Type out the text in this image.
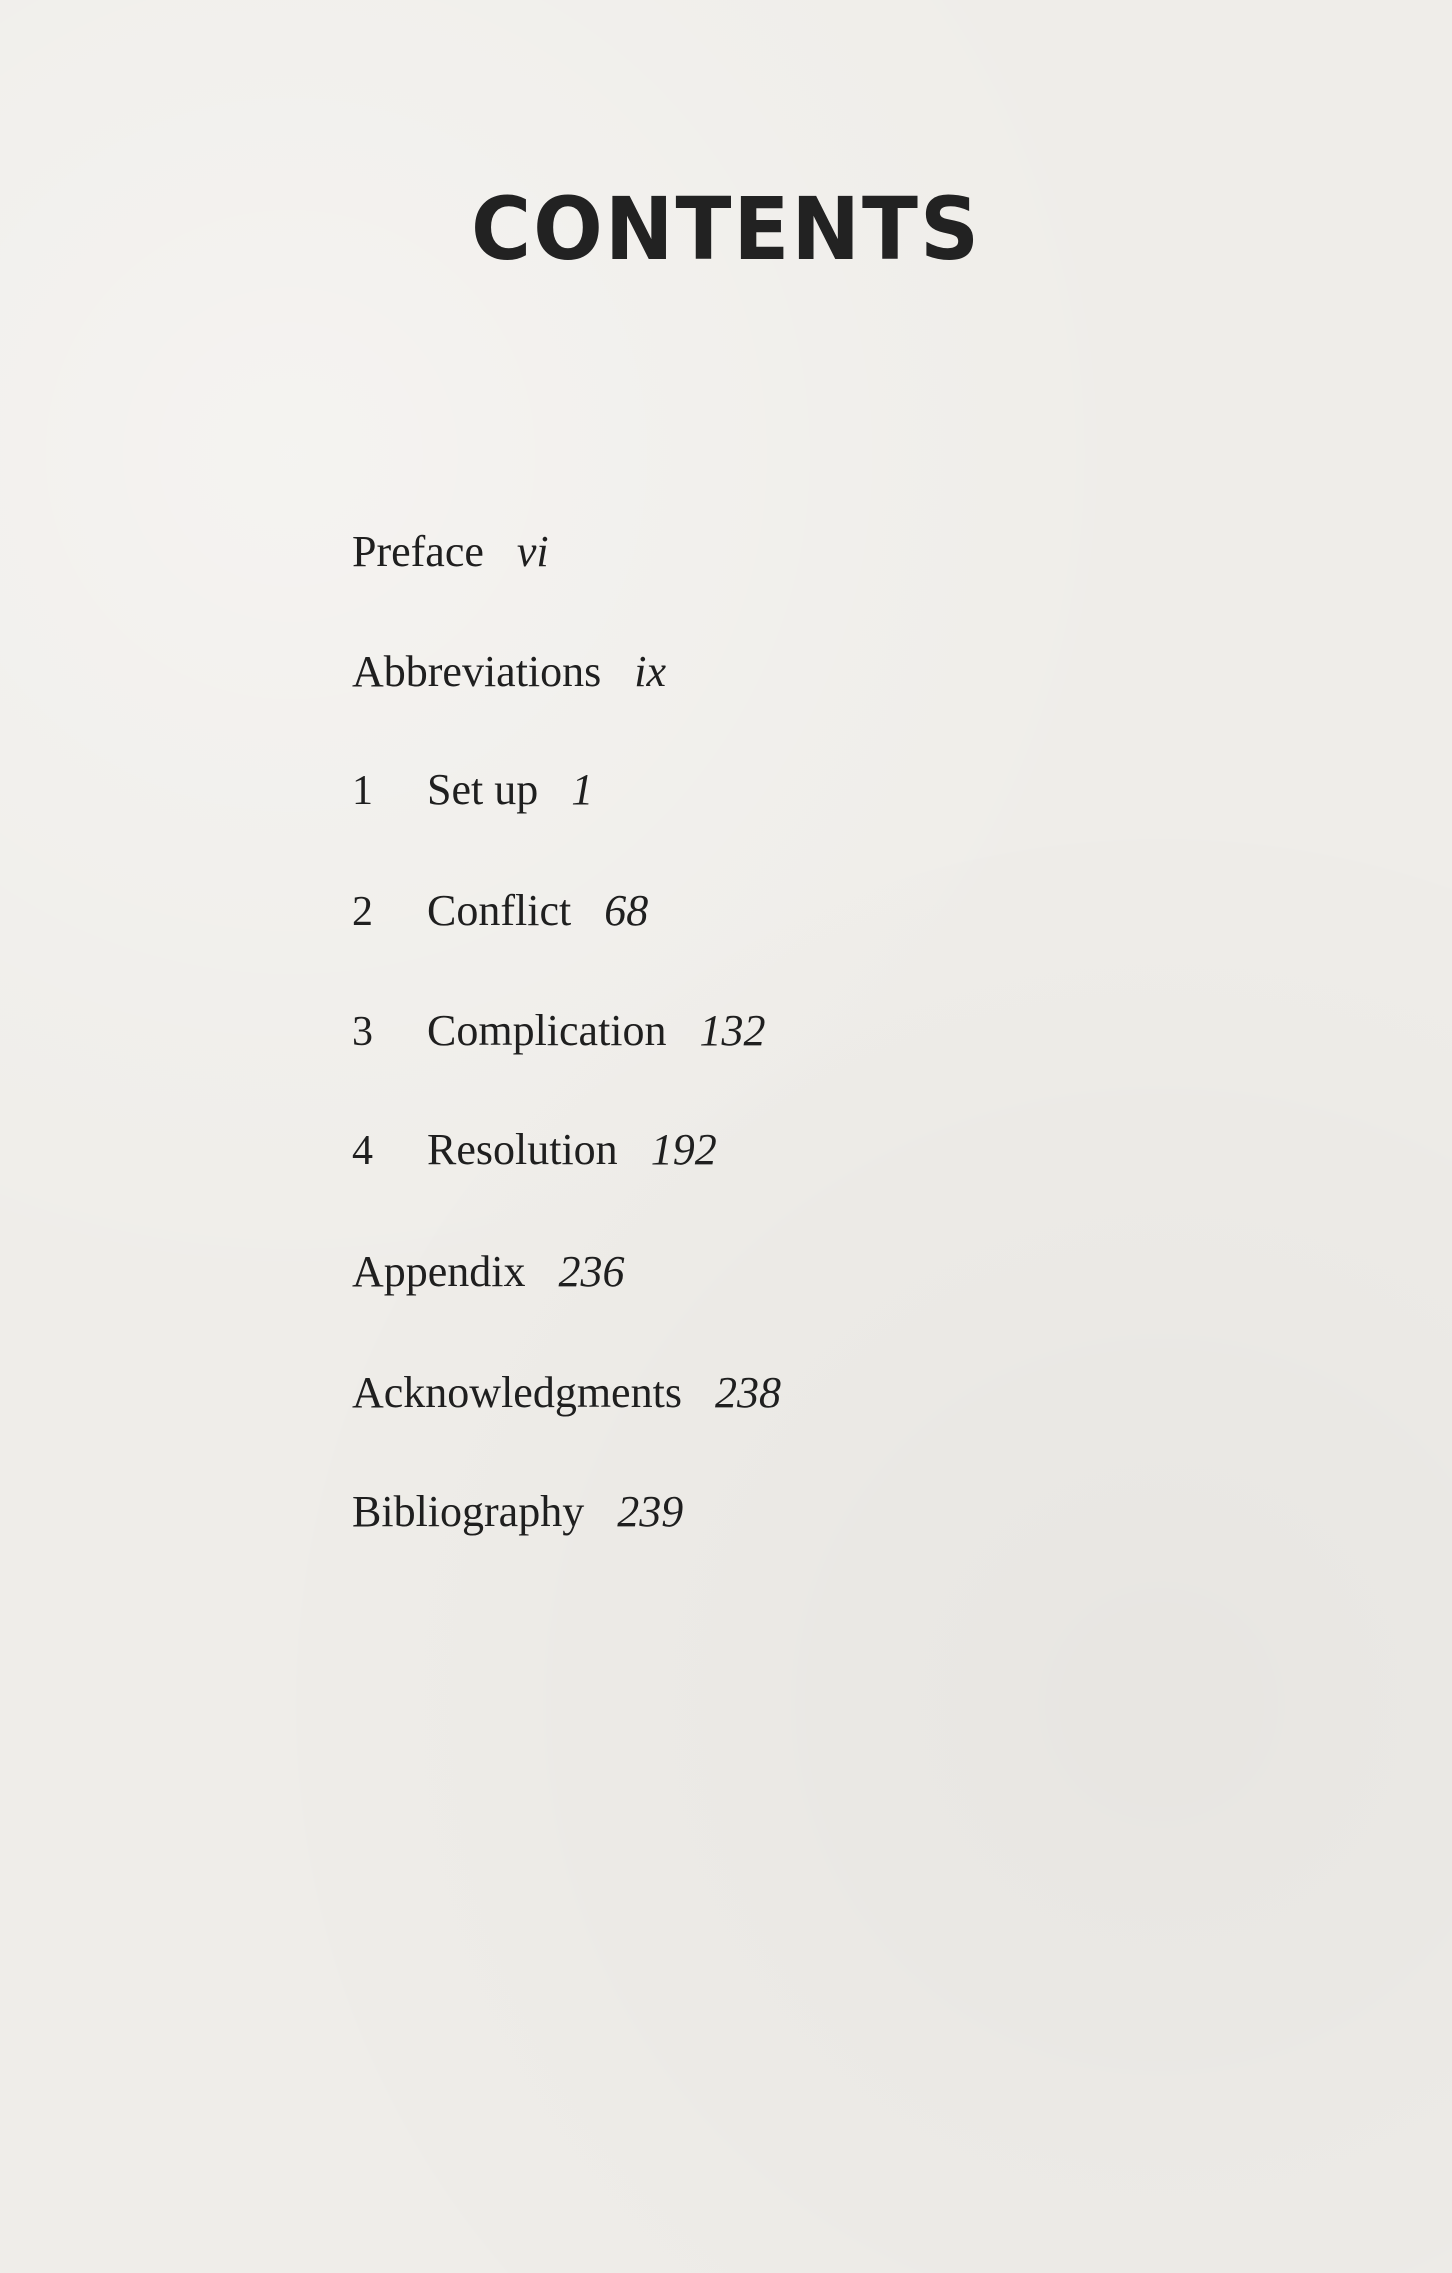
CONTENTS
Preface vi
Abbreviations ix
1 Set up 1
2 Conflict 68
3 Complication 132
4 Resolution 192
Appendix 236
Acknowledgments 238
Bibliography 239
